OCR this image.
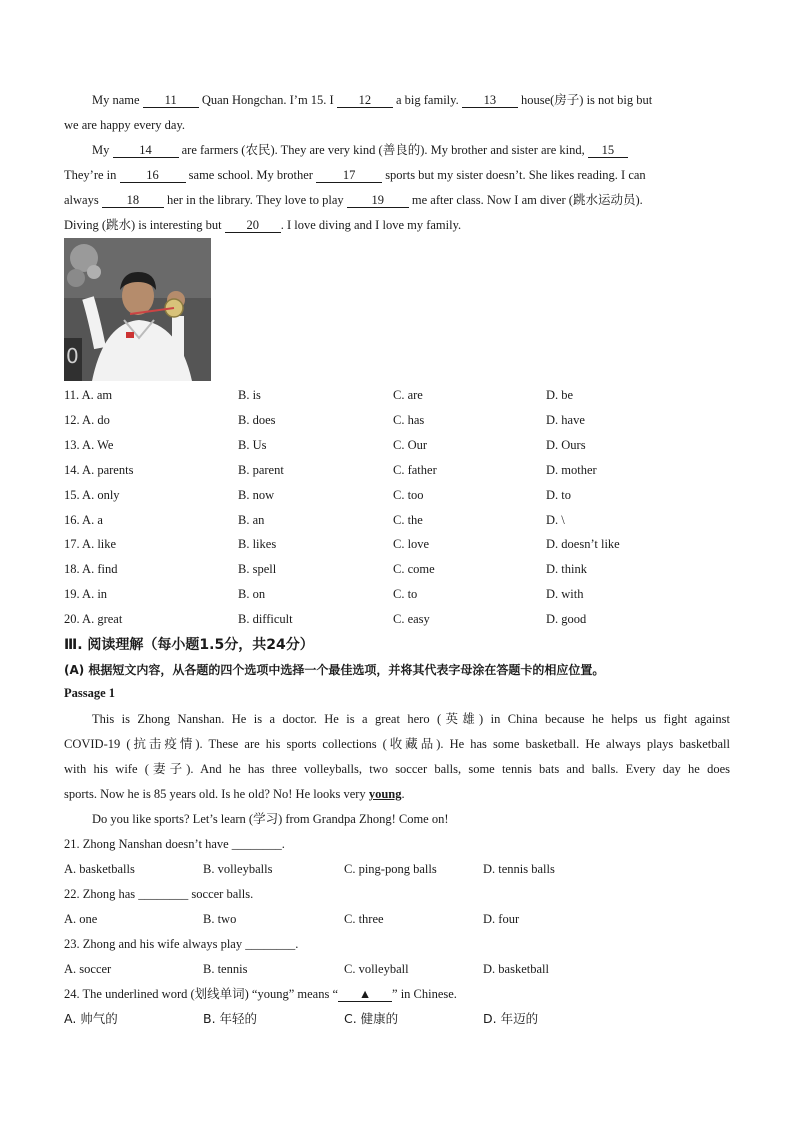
My name 11 Quan Hongchan. I’m 15. I 12 a big family. 13 house(房子) is not big but
we are happy every day.
My 14 are farmers (农民). They are very kind (善良的). My brother and sister are kind, 15
They’re in 16 same school. My brother 17 sports but my sister doesn’t. She likes reading. I can
always 18 her in the library. They love to play 19 me after class. Now I am diver (跳水运动员).
Diving (跳水) is interesting but 20 . I love diving and I love my family.
0
11. A. am	B. is	C. are	D. be
12. A. do	B. does	C. has	D. have
13. A. We	B. Us	C. Our	D. Ours
14. A. parents	B. parent	C. father	D. mother
15. A. only	B. now	C. too	D. to
16. A. a	B. an	C. the	D. \
17. A. like	B. likes	C. love	D. doesn’t like
18. A. find	B. spell	C. come	D. think
19. A. in	B. on	C. to	D. with
20. A. great	B. difficult	C. easy	D. good
Ⅲ. 阅读理解（每小题1.5分，共24分）
(A) 根据短文内容，从各题的四个选项中选择一个最佳选项，并将其代表字母涂在答题卡的相应位置。
Passage 1
This is Zhong Nanshan. He is a doctor. He is a great hero (英雄) in China because he helps us fight against
COVID-19 (抗击疫情). These are his sports collections (收藏品). He has some basketball. He always plays basketball
with his wife (妻子). And he has three volleyballs, two soccer balls, some tennis bats and balls. Every day he does
sports. Now he is 85 years old. Is he old? No! He looks very young.
Do you like sports? Let’s learn (学习) from Grandpa Zhong! Come on!
21. Zhong Nanshan doesn’t have ________.
A. basketballs	B. volleyballs	C. ping-pong balls	D. tennis balls
22. Zhong has ________ soccer balls.
A. one	B. two	C. three	D. four
23. Zhong and his wife always play ________.
A. soccer	B. tennis	C. volleyball	D. basketball
24. The underlined word (划线单词) “young” means “ ▲ ” in Chinese.
A. 帅气的	B. 年轻的	C. 健康的	D. 年迈的
